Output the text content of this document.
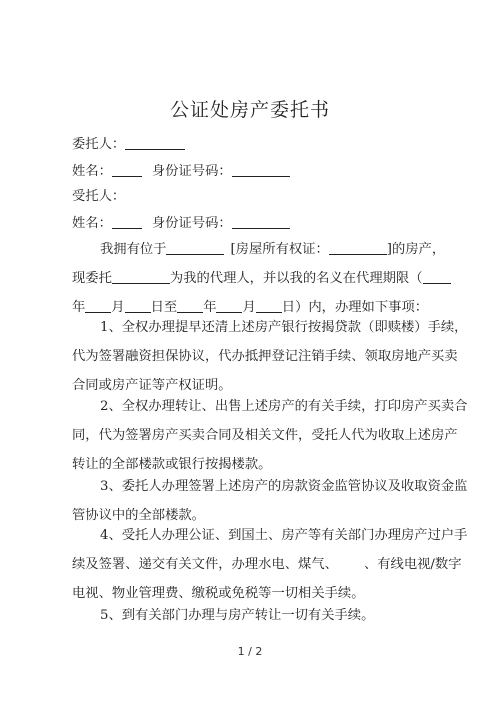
公证处房产委托书
委托人：
姓名：	身份证号码：
受托人：
姓名：	身份证号码：
我拥有位于	[房屋所有权证：	]的房产，
现委托	为我的代理人，并以我的名义在代理期限（
年 月 日至 年 月 日）内，办理如下事项：
1、全权办理提早还清上述房产银行按揭贷款（即赎楼）手续，
代为签署融资担保协议，代办抵押登记注销手续、领取房地产买卖
合同或房产证等产权证明。
2、全权办理转让、出售上述房产的有关手续，打印房产买卖合
同，代为签署房产买卖合同及相关文件，受托人代为收取上述房产
转让的全部楼款或银行按揭楼款。
3、委托人办理签署上述房产的房款资金监管协议及收取资金监
管协议中的全部楼款。
4、受托人办理公证、到国土、房产等有关部门办理房产过户手
续及签署、递交有关文件，办理水电、煤气、 、有线电视/数字
电视、物业管理费、缴税或免税等一切相关手续。
5、到有关部门办理与房产转让一切有关手续。
1 / 2
